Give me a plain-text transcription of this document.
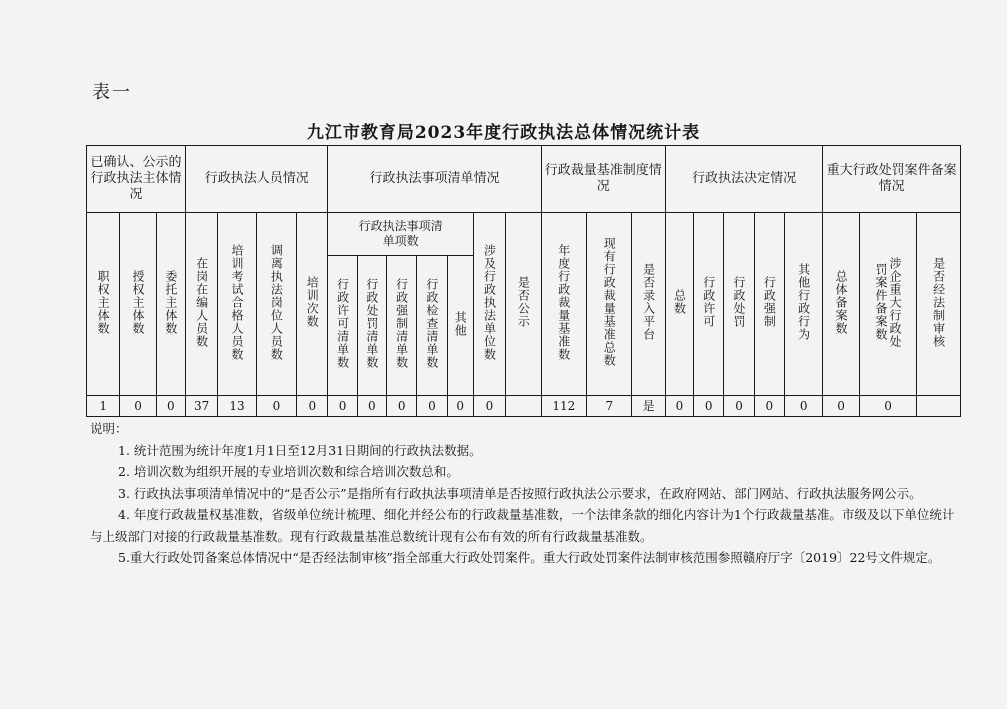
表一
九江市教育局2023年度行政执法总体情况统计表
已确认、公示的行政执法主体情况			行政执法人员情况				行政执法事项清单情况							行政裁量基准制度情况			行政执法决定情况					重大行政处罚案件备案情况		
职权主体数	授权主体数	委托主体数	在岗在编人员数	培训考试合格人员数	调离执法岗位人员数	培训次数	行政执法事项清单项数					涉及行政执法单位数	是否公示	年度行政裁量基准数	现有行政裁量基准总数	是否录入平台	总数	行政许可	行政处罚	行政强制	其他行政行为	总体备案数	涉企重大行政处罚案件备案数	是否经法制审核
							行政许可清单数	行政处罚清单数	行政强制清单数	行政检查清单数	其他													
1	0	0	37	13	0	0	0	0	0	0	0	0		112	7	是	0	0	0	0	0	0	0	

说明：

1. 统计范围为统计年度1月1日至12月31日期间的行政执法数据。

2. 培训次数为组织开展的专业培训次数和综合培训次数总和。

3. 行政执法事项清单情况中的“是否公示”是指所有行政执法事项清单是否按照行政执法公示要求，在政府网站、部门网站、行政执法服务网公示。

4. 年度行政裁量权基准数，省级单位统计梳理、细化并经公布的行政裁量基准数，一个法律条款的细化内容计为1个行政裁量基准。市级及以下单位统计与上级部门对接的行政裁量基准数。现有行政裁量基准总数统计现有公布有效的所有行政裁量基准数。

5.重大行政处罚备案总体情况中“是否经法制审核”指全部重大行政处罚案件。重大行政处罚案件法制审核范围参照赣府厅字〔2019〕22号文件规定。
